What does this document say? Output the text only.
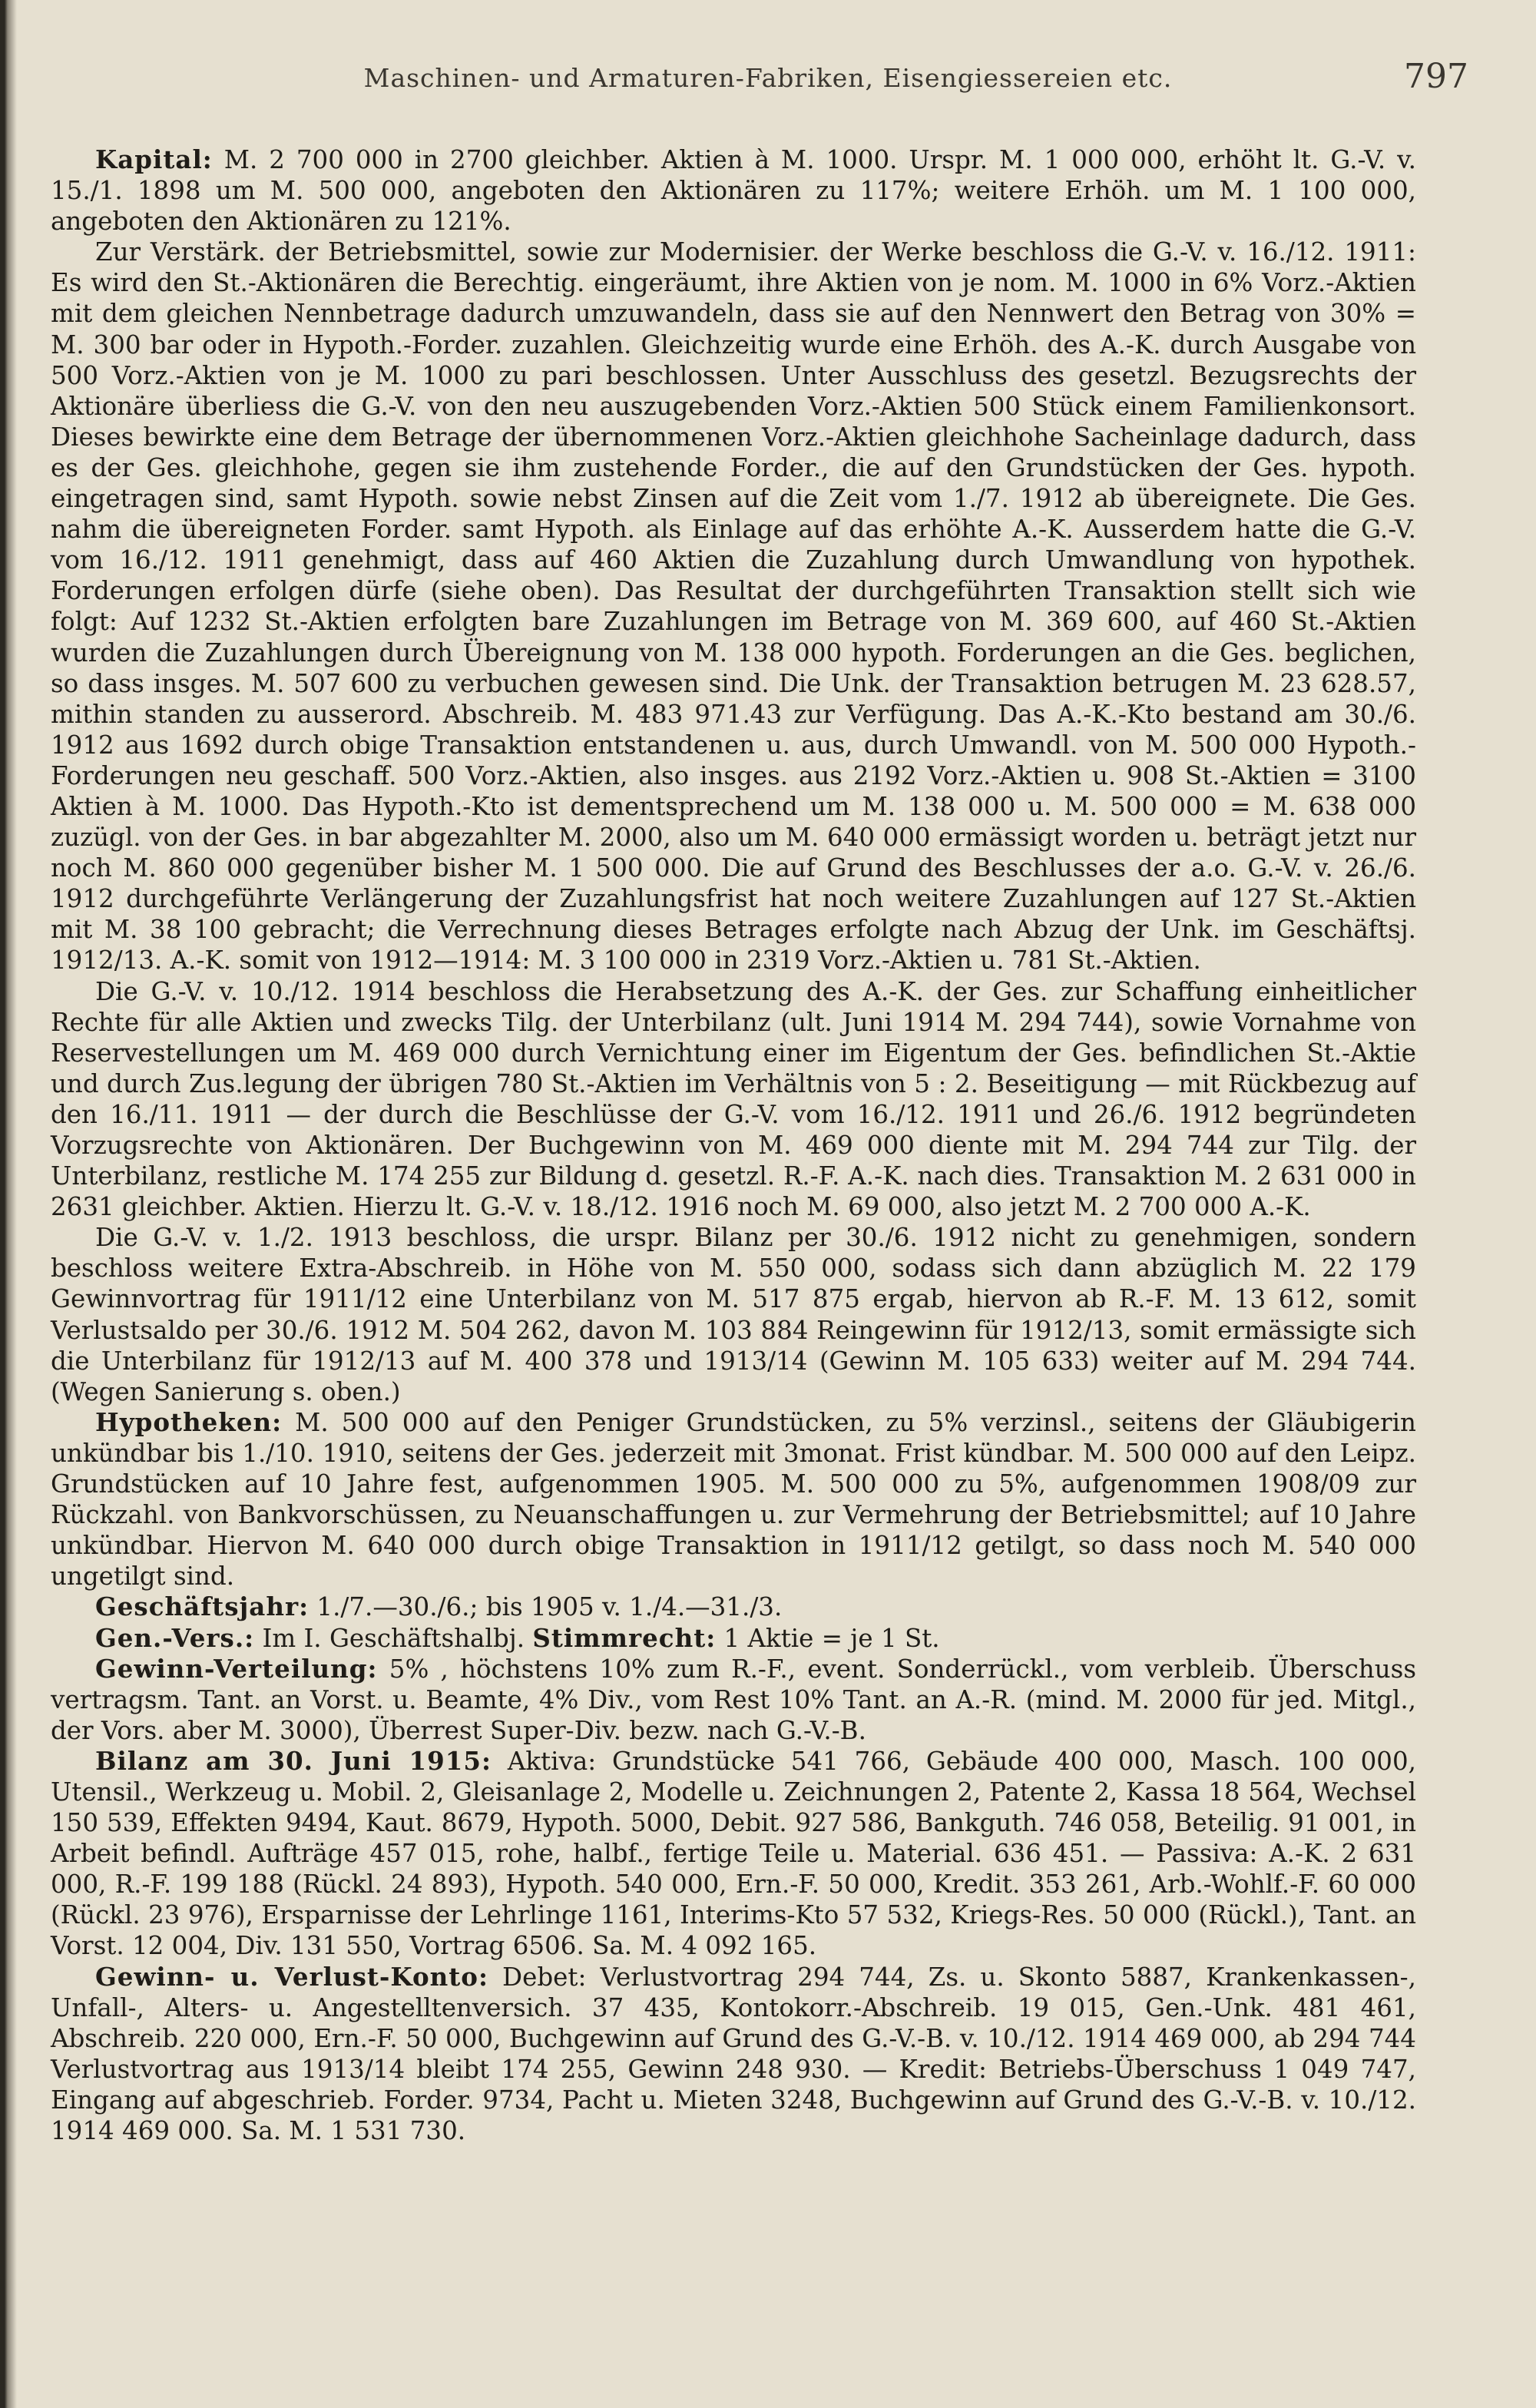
Maschinen- und Armaturen-Fabriken, Eisengiessereien etc.	797

Kapital: M. 2 700 000 in 2700 gleichber. Aktien à M. 1000. Urspr. M. 1 000 000, erhöht lt. G.-V. v. 15./1. 1898 um M. 500 000, angeboten den Aktionären zu 117%; weitere Erhöh. um M. 1 100 000, angeboten den Aktionären zu 121%.

Zur Verstärk. der Betriebsmittel, sowie zur Modernisier. der Werke beschloss die G.-V. v. 16./12. 1911: Es wird den St.-Aktionären die Berechtig. eingeräumt, ihre Aktien von je nom. M. 1000 in 6% Vorz.-Aktien mit dem gleichen Nennbetrage dadurch umzuwandeln, dass sie auf den Nennwert den Betrag von 30% = M. 300 bar oder in Hypoth.-Forder. zuzahlen. Gleichzeitig wurde eine Erhöh. des A.-K. durch Ausgabe von 500 Vorz.-Aktien von je M. 1000 zu pari beschlossen. Unter Ausschluss des gesetzl. Bezugsrechts der Aktionäre überliess die G.-V. von den neu auszugebenden Vorz.-Aktien 500 Stück einem Familienkonsort. Dieses bewirkte eine dem Betrage der übernommenen Vorz.-Aktien gleichhohe Sacheinlage dadurch, dass es der Ges. gleichhohe, gegen sie ihm zustehende Forder., die auf den Grundstücken der Ges. hypoth. eingetragen sind, samt Hypoth. sowie nebst Zinsen auf die Zeit vom 1./7. 1912 ab übereignete. Die Ges. nahm die übereigneten Forder. samt Hypoth. als Einlage auf das erhöhte A.-K. Ausserdem hatte die G.-V. vom 16./12. 1911 genehmigt, dass auf 460 Aktien die Zuzahlung durch Umwandlung von hypothek. Forderungen erfolgen dürfe (siehe oben). Das Resultat der durchgeführten Transaktion stellt sich wie folgt: Auf 1232 St.-Aktien erfolgten bare Zuzahlungen im Betrage von M. 369 600, auf 460 St.-Aktien wurden die Zuzahlungen durch Übereignung von M. 138 000 hypoth. Forderungen an die Ges. beglichen, so dass insges. M. 507 600 zu verbuchen gewesen sind. Die Unk. der Transaktion betrugen M. 23 628.57, mithin standen zu ausserord. Abschreib. M. 483 971.43 zur Verfügung. Das A.-K.-Kto bestand am 30./6. 1912 aus 1692 durch obige Transaktion entstandenen u. aus, durch Umwandl. von M. 500 000 Hypoth.-Forderungen neu geschaff. 500 Vorz.-Aktien, also insges. aus 2192 Vorz.-Aktien u. 908 St.-Aktien = 3100 Aktien à M. 1000. Das Hypoth.-Kto ist dementsprechend um M. 138 000 u. M. 500 000 = M. 638 000 zuzügl. von der Ges. in bar abgezahlter M. 2000, also um M. 640 000 ermässigt worden u. beträgt jetzt nur noch M. 860 000 gegenüber bisher M. 1 500 000. Die auf Grund des Beschlusses der a.o. G.-V. v. 26./6. 1912 durchgeführte Verlängerung der Zuzahlungsfrist hat noch weitere Zuzahlungen auf 127 St.-Aktien mit M. 38 100 gebracht; die Verrechnung dieses Betrages erfolgte nach Abzug der Unk. im Geschäftsj. 1912/13. A.-K. somit von 1912—1914: M. 3 100 000 in 2319 Vorz.-Aktien u. 781 St.-Aktien.

Die G.-V. v. 10./12. 1914 beschloss die Herabsetzung des A.-K. der Ges. zur Schaffung einheitlicher Rechte für alle Aktien und zwecks Tilg. der Unterbilanz (ult. Juni 1914 M. 294 744), sowie Vornahme von Reservestellungen um M. 469 000 durch Vernichtung einer im Eigentum der Ges. befindlichen St.-Aktie und durch Zus.legung der übrigen 780 St.-Aktien im Verhältnis von 5 : 2. Beseitigung — mit Rückbezug auf den 16./11. 1911 — der durch die Beschlüsse der G.-V. vom 16./12. 1911 und 26./6. 1912 begründeten Vorzugsrechte von Aktionären. Der Buchgewinn von M. 469 000 diente mit M. 294 744 zur Tilg. der Unterbilanz, restliche M. 174 255 zur Bildung d. gesetzl. R.-F. A.-K. nach dies. Transaktion M. 2 631 000 in 2631 gleichber. Aktien. Hierzu lt. G.-V. v. 18./12. 1916 noch M. 69 000, also jetzt M. 2 700 000 A.-K.

Die G.-V. v. 1./2. 1913 beschloss, die urspr. Bilanz per 30./6. 1912 nicht zu genehmigen, sondern beschloss weitere Extra-Abschreib. in Höhe von M. 550 000, sodass sich dann abzüglich M. 22 179 Gewinnvortrag für 1911/12 eine Unterbilanz von M. 517 875 ergab, hiervon ab R.-F. M. 13 612, somit Verlustsaldo per 30./6. 1912 M. 504 262, davon M. 103 884 Reingewinn für 1912/13, somit ermässigte sich die Unterbilanz für 1912/13 auf M. 400 378 und 1913/14 (Gewinn M. 105 633) weiter auf M. 294 744. (Wegen Sanierung s. oben.)

Hypotheken: M. 500 000 auf den Peniger Grundstücken, zu 5% verzinsl., seitens der Gläubigerin unkündbar bis 1./10. 1910, seitens der Ges. jederzeit mit 3monat. Frist kündbar. M. 500 000 auf den Leipz. Grundstücken auf 10 Jahre fest, aufgenommen 1905. M. 500 000 zu 5%, aufgenommen 1908/09 zur Rückzahl. von Bankvorschüssen, zu Neuanschaffungen u. zur Vermehrung der Betriebsmittel; auf 10 Jahre unkündbar. Hiervon M. 640 000 durch obige Transaktion in 1911/12 getilgt, so dass noch M. 540 000 ungetilgt sind.

Geschäftsjahr: 1./7.—30./6.; bis 1905 v. 1./4.—31./3.

Gen.-Vers.: Im I. Geschäftshalbj. Stimmrecht: 1 Aktie = je 1 St.

Gewinn-Verteilung: 5% , höchstens 10% zum R.-F., event. Sonderrückl., vom verbleib. Überschuss vertragsm. Tant. an Vorst. u. Beamte, 4% Div., vom Rest 10% Tant. an A.-R. (mind. M. 2000 für jed. Mitgl., der Vors. aber M. 3000), Überrest Super-Div. bezw. nach G.-V.-B.

Bilanz am 30. Juni 1915: Aktiva: Grundstücke 541 766, Gebäude 400 000, Masch. 100 000, Utensil., Werkzeug u. Mobil. 2, Gleisanlage 2, Modelle u. Zeichnungen 2, Patente 2, Kassa 18 564, Wechsel 150 539, Effekten 9494, Kaut. 8679, Hypoth. 5000, Debit. 927 586, Bankguth. 746 058, Beteilig. 91 001, in Arbeit befindl. Aufträge 457 015, rohe, halbf., fertige Teile u. Material. 636 451. — Passiva: A.-K. 2 631 000, R.-F. 199 188 (Rückl. 24 893), Hypoth. 540 000, Ern.-F. 50 000, Kredit. 353 261, Arb.-Wohlf.-F. 60 000 (Rückl. 23 976), Ersparnisse der Lehrlinge 1161, Interims-Kto 57 532, Kriegs-Res. 50 000 (Rückl.), Tant. an Vorst. 12 004, Div. 131 550, Vortrag 6506. Sa. M. 4 092 165.

Gewinn- u. Verlust-Konto: Debet: Verlustvortrag 294 744, Zs. u. Skonto 5887, Krankenkassen-, Unfall-, Alters- u. Angestelltenversich. 37 435, Kontokorr.-Abschreib. 19 015, Gen.-Unk. 481 461, Abschreib. 220 000, Ern.-F. 50 000, Buchgewinn auf Grund des G.-V.-B. v. 10./12. 1914 469 000, ab 294 744 Verlustvortrag aus 1913/14 bleibt 174 255, Gewinn 248 930. — Kredit: Betriebs-Überschuss 1 049 747, Eingang auf abgeschrieb. Forder. 9734, Pacht u. Mieten 3248, Buchgewinn auf Grund des G.-V.-B. v. 10./12. 1914 469 000. Sa. M. 1 531 730.
